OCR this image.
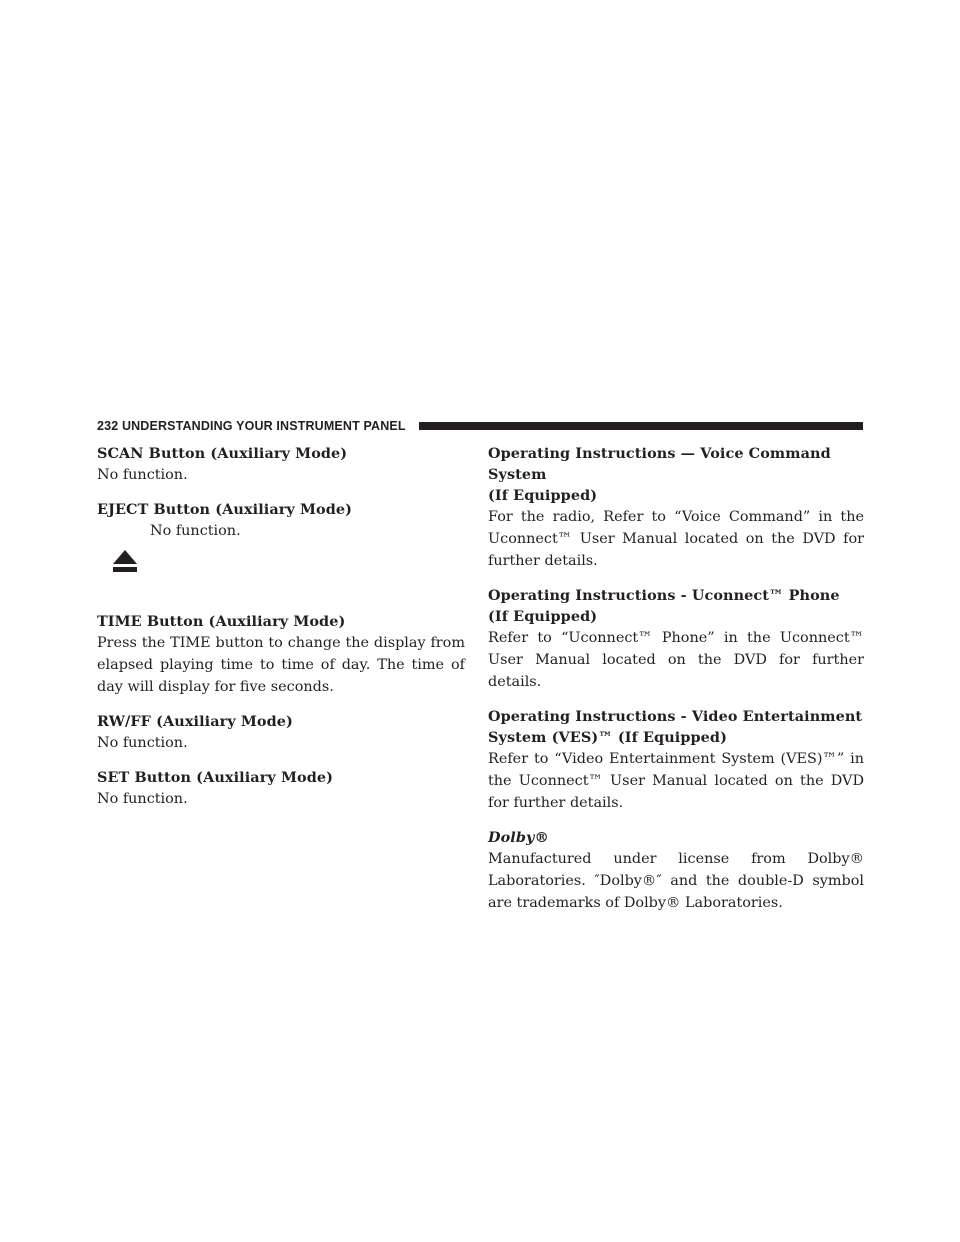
232 UNDERSTANDING YOUR INSTRUMENT PANEL

SCAN Button (Auxiliary Mode)

No function.

EJECT Button (Auxiliary Mode)

No function.

TIME Button (Auxiliary Mode)

Press the TIME button to change the display from elapsed playing time to time of day. The time of day will display for five seconds.

RW/FF (Auxiliary Mode)

No function.

SET Button (Auxiliary Mode)

No function.

Operating Instructions — Voice Command System

(If Equipped)

For the radio, Refer to “Voice Command” in the Uconnect™ User Manual located on the DVD for further details.

Operating Instructions - Uconnect™ Phone

(If Equipped)

Refer to “Uconnect™ Phone” in the Uconnect™ User Manual located on the DVD for further details.

Operating Instructions - Video Entertainment

System (VES)™ (If Equipped)

Refer to “Video Entertainment System (VES)™” in the Uconnect™ User Manual located on the DVD for further details.

Dolby®

Manufactured under license from Dolby® Laboratories. ″Dolby®″ and the double-D symbol are trademarks of Dolby® Laboratories.
